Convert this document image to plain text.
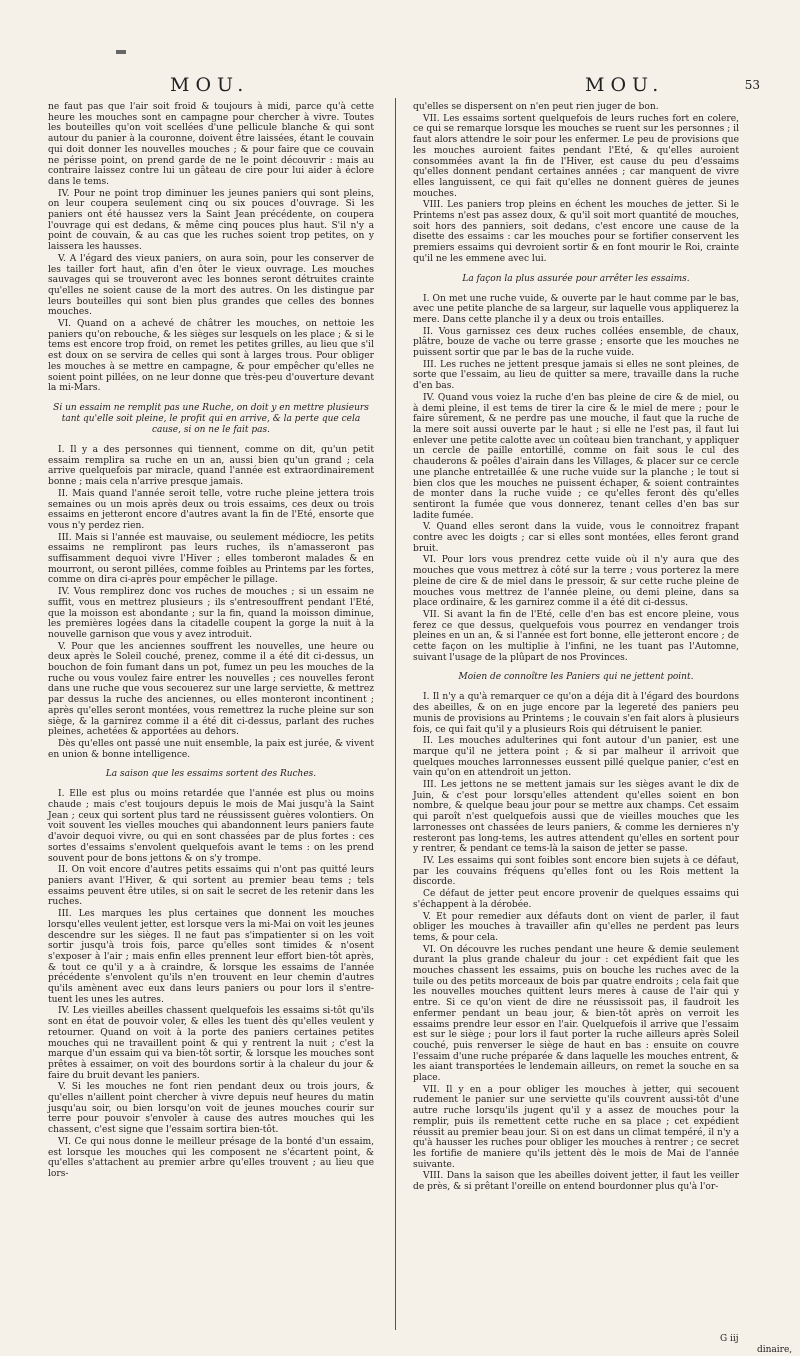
MOU.	MOU.	53

ne faut pas que l'air soit froid & toujours à midi, parce qu'à cette heure les mouches sont en campagne pour chercher à vivre. Toutes les bouteilles qu'on voit scellées d'une pellicule blanche & qui sont autour du panier à la couronne, doivent être laissées, étant le couvain qui doit donner les nouvelles mouches ; & pour faire que ce couvain ne périsse point, on prend garde de ne le point découvrir : mais au contraire laissez contre lui un gâteau de cire pour lui aider à éclore dans le tems.

IV. Pour ne point trop diminuer les jeunes paniers qui sont pleins, on leur coupera seulement cinq ou six pouces d'ouvrage. Si les paniers ont été haussez vers la Saint Jean précédente, on coupera l'ouvrage qui est dedans, & même cinq pouces plus haut. S'il n'y a point de couvain, & au cas que les ruches soient trop petites, on y laissera les hausses.

V. A l'égard des vieux paniers, on aura soin, pour les conserver de les tailler fort haut, afin d'en ôter le vieux ouvrage. Les mouches sauvages qui se trouveront avec les bonnes seront détruites crainte qu'elles ne soient cause de la mort des autres. On les distingue par leurs bouteilles qui sont bien plus grandes que celles des bonnes mouches.

VI. Quand on a achevé de châtrer les mouches, on nettoie les paniers qu'on rebouche, & les sièges sur lesquels on les place ; & si le tems est encore trop froid, on remet les petites grilles, au lieu que s'il est doux on se servira de celles qui sont à larges trous. Pour obliger les mouches à se mettre en campagne, & pour empêcher qu'elles ne soient point pillées, on ne leur donne que très-peu d'ouverture devant la mi-Mars.

Si un essaim ne remplit pas une Ruche, on doit y en mettre plusieurs tant qu'elle soit pleine, le profit qui en arrive, & la perte que cela cause, si on ne le fait pas.

I. Il y a des personnes qui tiennent, comme on dit, qu'un petit essaim remplira sa ruche en un an, aussi bien qu'un grand ; cela arrive quelquefois par miracle, quand l'année est extraordinairement bonne ; mais cela n'arrive presque jamais.

II. Mais quand l'année seroit telle, votre ruche pleine jettera trois semaines ou un mois après deux ou trois essaims, ces deux ou trois essaims en jetteront encore d'autres avant la fin de l'Eté, ensorte que vous n'y perdez rien.

III. Mais si l'année est mauvaise, ou seulement médiocre, les petits essaims ne rempliront pas leurs ruches, ils n'amasseront pas suffisamment dequoi vivre l'Hiver ; elles tomberont malades & en mourront, ou seront pillées, comme foibles au Printems par les fortes, comme on dira ci-après pour empêcher le pillage.

IV. Vous remplirez donc vos ruches de mouches ; si un essaim ne suffit, vous en mettrez plusieurs ; ils s'entresouffrent pendant l'Eté, que la moisson est abondante ; sur la fin, quand la moisson diminue, les premières logées dans la citadelle coupent la gorge la nuit à la nouvelle garnison que vous y avez introduit.

V. Pour que les anciennes souffrent les nouvelles, une heure ou deux après le Soleil couché, prenez, comme il a été dit ci-dessus, un bouchon de foin fumant dans un pot, fumez un peu les mouches de la ruche ou vous voulez faire entrer les nouvelles ; ces nouvelles feront dans une ruche que vous secouerez sur une large serviette, & mettrez par dessus la ruche des anciennes, ou elles monteront incontinent ; après qu'elles seront montées, vous remettrez la ruche pleine sur son siège, & la garnirez comme il a été dit ci-dessus, parlant des ruches pleines, achetées & apportées au dehors.

Dès qu'elles ont passé une nuit ensemble, la paix est jurée, & vivent en union & bonne intelligence.

La saison que les essaims sortent des Ruches.

I. Elle est plus ou moins retardée que l'année est plus ou moins chaude ; mais c'est toujours depuis le mois de Mai jusqu'à la Saint Jean ; ceux qui sortent plus tard ne réussissent guères volontiers. On voit souvent les vielles mouches qui abandonnent leurs paniers faute d'avoir dequoi vivre, ou qui en sont chassées par de plus fortes : ces sortes d'essaims s'envolent quelquefois avant le tems : on les prend souvent pour de bons jettons & on s'y trompe.

II. On voit encore d'autres petits essaims qui n'ont pas quitté leurs paniers avant l'Hiver, & qui sortent au premier beau tems ; tels essaims peuvent être utiles, si on sait le secret de les retenir dans les ruches.

III. Les marques les plus certaines que donnent les mouches lorsqu'elles veulent jetter, est lorsque vers la mi-Mai on voit les jeunes descendre sur les sièges. Il ne faut pas s'impatienter si on les voit sortir jusqu'à trois fois, parce qu'elles sont timides & n'osent s'exposer à l'air ; mais enfin elles prennent leur effort bien-tôt après, & tout ce qu'il y a à craindre, & lorsque les essaims de l'année précédente s'envolent qu'ils n'en trouvent en leur chemin d'autres qu'ils amènent avec eux dans leurs paniers ou pour lors il s'entre-tuent les unes les autres.

IV. Les vieilles abeilles chassent quelquefois les essaims si-tôt qu'ils sont en état de pouvoir voler, & elles les tuent dès qu'elles veulent y retourner. Quand on voit à la porte des paniers certaines petites mouches qui ne travaillent point & qui y rentrent la nuit ; c'est la marque d'un essaim qui va bien-tôt sortir, & lorsque les mouches sont prêtes à essaimer, on voit des bourdons sortir à la chaleur du jour & faire du bruit devant les paniers.

V. Si les mouches ne font rien pendant deux ou trois jours, & qu'elles n'aillent point chercher à vivre depuis neuf heures du matin jusqu'au soir, ou bien lorsqu'on voit de jeunes mouches courir sur terre pour pouvoir s'envoler à cause des autres mouches qui les chassent, c'est signe que l'essaim sortira bien-tôt.

VI. Ce qui nous donne le meilleur présage de la bonté d'un essaim, est lorsque les mouches qui les composent ne s'écartent point, & qu'elles s'attachent au premier arbre qu'elles trouvent ; au lieu que lors-

qu'elles se dispersent on n'en peut rien juger de bon.

VII. Les essaims sortent quelquefois de leurs ruches fort en colere, ce qui se remarque lorsque les mouches se ruent sur les personnes ; il faut alors attendre le soir pour les enfermer. Le peu de provisions que les mouches auroient faites pendant l'Eté, & qu'elles auroient consommées avant la fin de l'Hiver, est cause du peu d'essaims qu'elles donnent pendant certaines années ; car manquent de vivre elles languissent, ce qui fait qu'elles ne donnent guères de jeunes mouches.

VIII. Les paniers trop pleins en échent les mouches de jetter. Si le Printems n'est pas assez doux, & qu'il soit mort quantité de mouches, soit hors des panniers, soit dedans, c'est encore une cause de la disette des essaims : car les mouches pour se fortifier conservent les premiers essaims qui devroient sortir & en font mourir le Roi, crainte qu'il ne les emmene avec lui.

La façon la plus assurée pour arrêter les essaims.

I. On met une ruche vuide, & ouverte par le haut comme par le bas, avec une petite planche de sa largeur, sur laquelle vous appliquerez la mere. Dans cette planche il y a deux ou trois entailles.

II. Vous garnissez ces deux ruches collées ensemble, de chaux, plâtre, bouze de vache ou terre grasse ; ensorte que les mouches ne puissent sortir que par le bas de la ruche vuide.

III. Les ruches ne jettent presque jamais si elles ne sont pleines, de sorte que l'essaim, au lieu de quitter sa mere, travaille dans la ruche d'en bas.

IV. Quand vous voiez la ruche d'en bas pleine de cire & de miel, ou à demi pleine, il est tems de tirer la cire & le miel de mere ; pour le faire sûrement, & ne perdre pas une mouche, il faut que la ruche de la mere soit aussi ouverte par le haut ; si elle ne l'est pas, il faut lui enlever une petite calotte avec un coûteau bien tranchant, y appliquer un cercle de paille entortillé, comme on fait sous le cul des chauderons & poêles d'airain dans les Villages, & placer sur ce cercle une planche entretaillée & une ruche vuide sur la planche ; le tout si bien clos que les mouches ne puissent échaper, & soient contraintes de monter dans la ruche vuide ; ce qu'elles feront dès qu'elles sentiront la fumée que vous donnerez, tenant celles d'en bas sur ladite fumée.

V. Quand elles seront dans la vuide, vous le connoitrez frapant contre avec les doigts ; car si elles sont montées, elles feront grand bruit.

VI. Pour lors vous prendrez cette vuide où il n'y aura que des mouches que vous mettrez à côté sur la terre ; vous porterez la mere pleine de cire & de miel dans le pressoir, & sur cette ruche pleine de mouches vous mettrez de l'année pleine, ou demi pleine, dans sa place ordinaire, & les garnirez comme il a été dit ci-dessus.

VII. Si avant la fin de l'Eté, celle d'en bas est encore pleine, vous ferez ce que dessus, quelquefois vous pourrez en vendanger trois pleines en un an, & si l'année est fort bonne, elle jetteront encore ; de cette façon on les multiplie à l'infini, ne les tuant pas l'Automne, suivant l'usage de la plûpart de nos Provinces.

Moien de connoître les Paniers qui ne jettent point.

I. Il n'y a qu'à remarquer ce qu'on a déja dit à l'égard des bourdons des abeilles, & on en juge encore par la legereté des paniers peu munis de provisions au Printems ; le couvain s'en fait alors à plusieurs fois, ce qui fait qu'il y a plusieurs Rois qui détruisent le panier.

II. Les mouches adulterines qui font autour d'un panier, est une marque qu'il ne jettera point ; & si par malheur il arrivoit que quelques mouches larronnesses eussent pillé quelque panier, c'est en vain qu'on en attendroit un jetton.

III. Les jettons ne se mettent jamais sur les sièges avant le dix de Juin, & c'est pour lorsqu'elles attendent qu'elles soient en bon nombre, & quelque beau jour pour se mettre aux champs. Cet essaim qui paroît n'est quelquefois aussi que de vieilles mouches que les larronesses ont chassées de leurs paniers, & comme les dernieres n'y resteront pas long-tems, les autres attendent qu'elles en sortent pour y rentrer, & pendant ce tems-là la saison de jetter se passe.

IV. Les essaims qui sont foibles sont encore bien sujets à ce défaut, par les couvains fréquens qu'elles font ou les Rois mettent la discorde.

Ce défaut de jetter peut encore provenir de quelques essaims qui s'échappent à la dérobée.

V. Et pour remedier aux défauts dont on vient de parler, il faut obliger les mouches à travailler afin qu'elles ne perdent pas leurs tems, & pour cela.

VI. On découvre les ruches pendant une heure & demie seulement durant la plus grande chaleur du jour : cet expédient fait que les mouches chassent les essaims, puis on bouche les ruches avec de la tuile ou des petits morceaux de bois par quatre endroits ; cela fait que les nouvelles mouches quittent leurs meres à cause de l'air qui y entre. Si ce qu'on vient de dire ne réussissoit pas, il faudroit les enfermer pendant un beau jour, & bien-tôt après on verroit les essaims prendre leur essor en l'air. Quelquefois il arrive que l'essaim est sur le siège ; pour lors il faut porter la ruche ailleurs après Soleil couché, puis renverser le siège de haut en bas : ensuite on couvre l'essaim d'une ruche préparée & dans laquelle les mouches entrent, & les aiant transportées le lendemain ailleurs, on remet la souche en sa place.

VII. Il y en a pour obliger les mouches à jetter, qui secouent rudement le panier sur une serviette qu'ils couvrent aussi-tôt d'une autre ruche lorsqu'ils jugent qu'il y a assez de mouches pour la remplir, puis ils remettent cette ruche en sa place ; cet expédient réussit au premier beau jour. Si on est dans un climat tempéré, il n'y a qu'à hausser les ruches pour obliger les mouches à rentrer ; ce secret les fortifie de maniere qu'ils jettent dès le mois de Mai de l'année suivante.

VIII. Dans la saison que les abeilles doivent jetter, il faut les veiller de près, & si prêtant l'oreille on entend bourdonner plus qu'à l'or-

G iij
dinaire,
